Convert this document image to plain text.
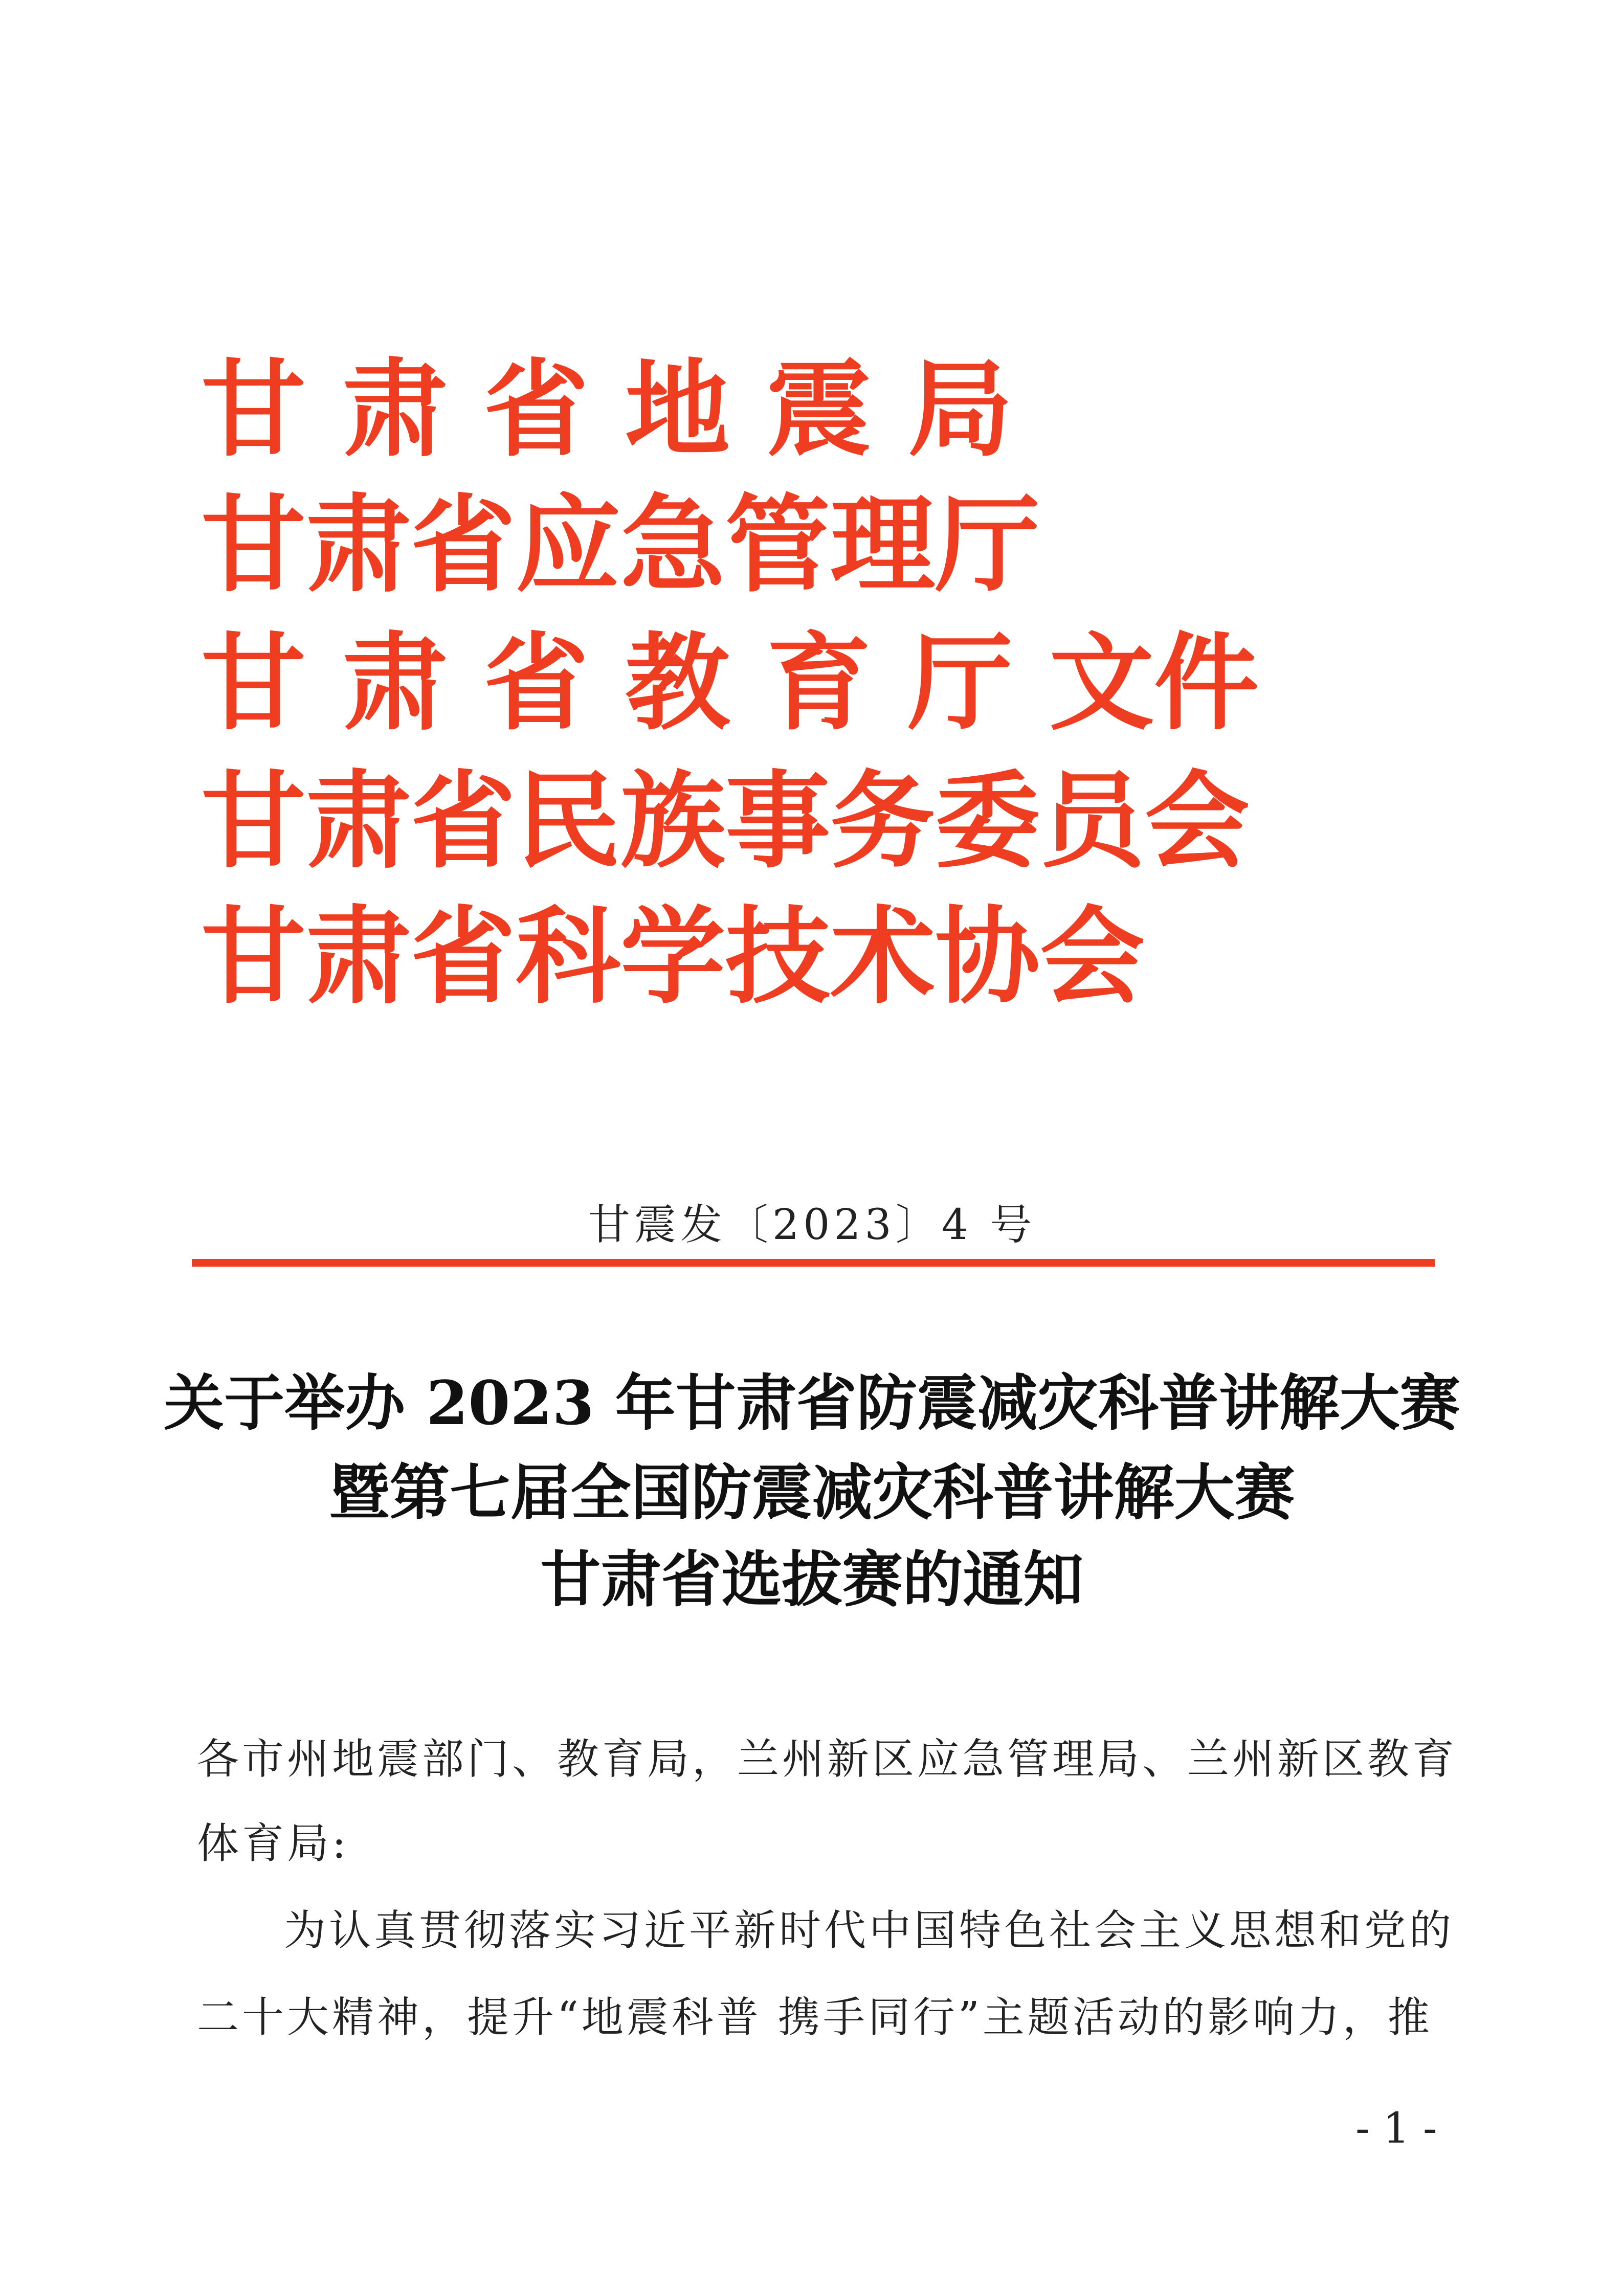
甘 肃 省 地 震 局
甘肃省应急管理厅
甘 肃 省 教 育 厅 文件
甘肃省民族事务委员会
甘肃省科学技术协会
甘震发〔2023〕4 号
关于举办 2023 年甘肃省防震减灾科普讲解大赛
暨第七届全国防震减灾科普讲解大赛
甘肃省选拔赛的通知
各市州地震部门、教育局，兰州新区应急管理局、兰州新区教育
体育局:
为认真贯彻落实习近平新时代中国特色社会主义思想和党的
二十大精神，提升“地震科普 携手同行”主题活动的影响力，推
- 1 -
